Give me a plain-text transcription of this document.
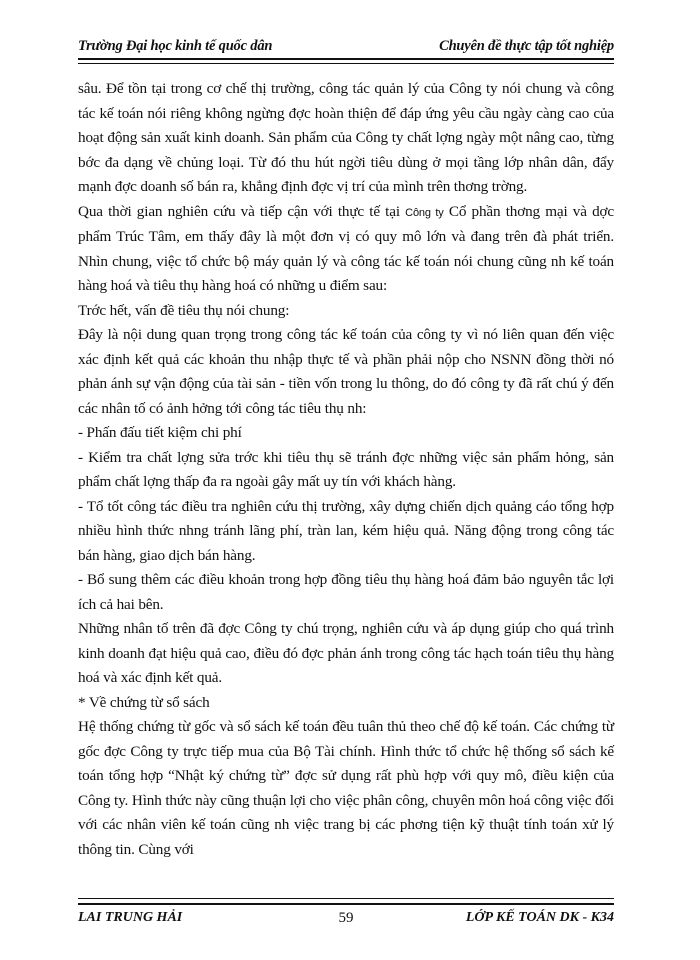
Trường Đại học kinh tế quốc dân	Chuyên đề thực tập tốt nghiệp

sâu. Để tồn tại trong cơ chế thị trường, công tác quản lý của Công ty nói chung và công tác kế toán nói riêng không ngừng đợc hoàn thiện để đáp ứng yêu cầu ngày càng cao của hoạt động sản xuất kinh doanh. Sản phẩm của Công ty chất lợng ngày một nâng cao, từng bớc đa dạng về chủng loại. Từ đó thu hút ngời tiêu dùng ở mọi tầng lớp nhân dân, đẩy mạnh đợc doanh số bán ra, khẳng định đợc vị trí của mình trên thơng trờng.

Qua thời gian nghiên cứu và tiếp cận với thực tế tại Công ty Cổ phần thơng mại và dợc phẩm Trúc Tâm, em thấy đây là một đơn vị có quy mô lớn và đang trên đà phát triển. Nhìn chung, việc tổ chức bộ máy quản lý và công tác kế toán nói chung cũng nh kế toán hàng hoá và tiêu thụ hàng hoá có những u điểm sau:

Trớc hết, vấn đề tiêu thụ nói chung:

Đây là nội dung quan trọng trong công tác kế toán của công ty vì nó liên quan đến việc xác định kết quả các khoản thu nhập thực tế và phần phải nộp cho NSNN đồng thời nó phản ánh sự vận động của tài sản - tiền vốn trong lu thông, do đó công ty đã rất chú ý đến các nhân tố có ảnh hởng tới công tác tiêu thụ nh:

- Phấn đấu tiết kiệm chi phí

- Kiểm tra chất lợng sửa trớc khi tiêu thụ sẽ tránh đợc những việc sản phẩm hỏng, sản phẩm chất lợng thấp đa ra ngoài gây mất uy tín với khách hàng.

- Tổ tốt công tác điều tra nghiên cứu thị trường, xây dựng chiến dịch quảng cáo tổng hợp nhiều hình thức nhng tránh lãng phí, tràn lan, kém hiệu quả. Năng động trong công tác bán hàng, giao dịch bán hàng.

- Bổ sung thêm các điều khoản trong hợp đồng tiêu thụ hàng hoá đảm bảo nguyên tắc lợi ích cả hai bên.

Những nhân tố trên đã đợc Công ty chú trọng, nghiên cứu và áp dụng giúp cho quá trình kinh doanh đạt hiệu quả cao, điều đó đợc phản ánh trong công tác hạch toán tiêu thụ hàng hoá và xác định kết quả.

* Về chứng từ sổ sách

Hệ thống chứng từ gốc và sổ sách kế toán đều tuân thủ theo chế độ kế toán. Các chứng từ gốc đợc Công ty trực tiếp mua của Bộ Tài chính. Hình thức tổ chức hệ thống sổ sách kế toán tổng hợp “Nhật ký chứng từ” đợc sử dụng rất phù hợp với quy mô, điều kiện của Công ty. Hình thức này cũng thuận lợi cho việc phân công, chuyên môn hoá công việc đối với các nhân viên kế toán cũng nh việc trang bị các phơng tiện kỹ thuật tính toán xử lý thông tin. Cùng với

LAI TRUNG HẢI	59	LỚP KẾ TOÁN DK - K34
